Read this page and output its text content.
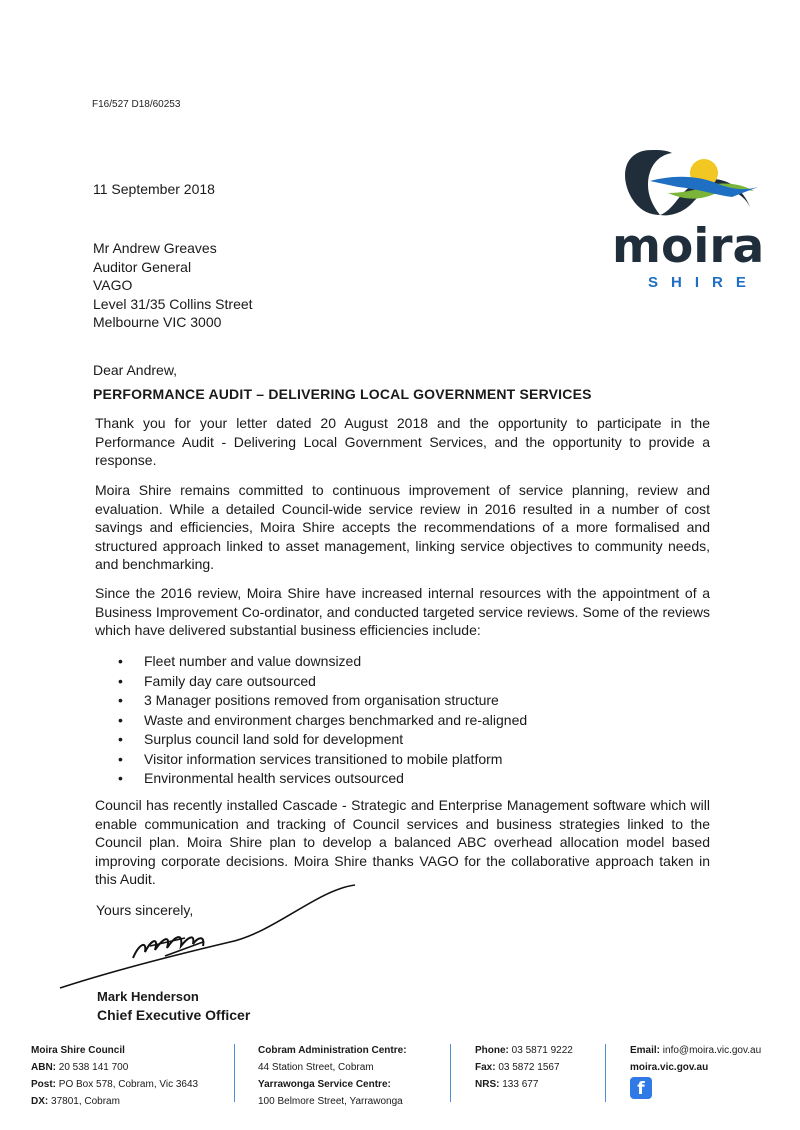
F16/527 D18/60253
moira
SHIRE
11 September 2018
Mr Andrew Greaves
Auditor General
VAGO
Level 31/35 Collins Street
Melbourne VIC 3000
Dear Andrew,
PERFORMANCE AUDIT – DELIVERING LOCAL GOVERNMENT SERVICES
Thank you for your letter dated 20 August 2018 and the opportunity to participate in the Performance Audit - Delivering Local Government Services, and the opportunity to provide a response.
Moira Shire remains committed to continuous improvement of service planning, review and evaluation. While a detailed Council-wide service review in 2016 resulted in a number of cost savings and efficiencies, Moira Shire accepts the recommendations of a more formalised and structured approach linked to asset management, linking service objectives to community needs, and benchmarking.
Since the 2016 review, Moira Shire have increased internal resources with the appointment of a Business Improvement Co-ordinator, and conducted targeted service reviews. Some of the reviews which have delivered substantial business efficiencies include:
• Fleet number and value downsized
• Family day care outsourced
• 3 Manager positions removed from organisation structure
• Waste and environment charges benchmarked and re-aligned
• Surplus council land sold for development
• Visitor information services transitioned to mobile platform
• Environmental health services outsourced
Council has recently installed Cascade - Strategic and Enterprise Management software which will enable communication and tracking of Council services and business strategies linked to the Council plan. Moira Shire plan to develop a balanced ABC overhead allocation model based improving corporate decisions. Moira Shire thanks VAGO for the collaborative approach taken in this Audit.
Yours sincerely,
Mark Henderson
Chief Executive Officer
Moira Shire Council
ABN: 20 538 141 700
Post: PO Box 578, Cobram, Vic 3643
DX: 37801, Cobram
Cobram Administration Centre:
44 Station Street, Cobram
Yarrawonga Service Centre:
100 Belmore Street, Yarrawonga
Phone: 03 5871 9222
Fax: 03 5872 1567
NRS: 133 677
Email: info@moira.vic.gov.au
moira.vic.gov.au
f
